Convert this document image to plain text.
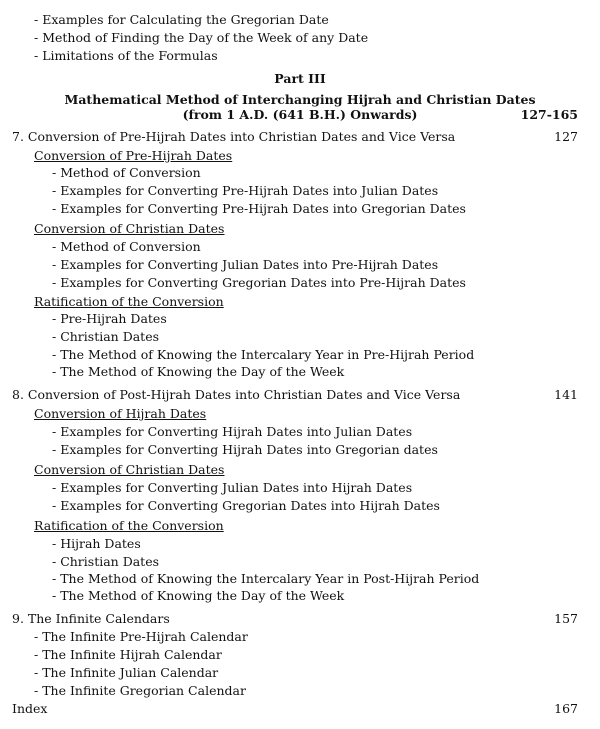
- Examples for Calculating the Gregorian Date
- Method of Finding the Day of the Week of any Date
- Limitations of the Formulas
Part III
Mathematical Method of Interchanging Hijrah and Christian Dates
(from 1 A.D. (641 B.H.) Onwards)	127-165
7. Conversion of Pre-Hijrah Dates into Christian Dates and Vice Versa	127
Conversion of Pre-Hijrah Dates
- Method of Conversion
- Examples for Converting Pre-Hijrah Dates into Julian Dates
- Examples for Converting Pre-Hijrah Dates into Gregorian Dates
Conversion of Christian Dates
- Method of Conversion
- Examples for Converting Julian Dates into Pre-Hijrah Dates
- Examples for Converting Gregorian Dates into Pre-Hijrah Dates
Ratification of the Conversion
- Pre-Hijrah Dates
- Christian Dates
- The Method of Knowing the Intercalary Year in Pre-Hijrah Period
- The Method of Knowing the Day of the Week
8. Conversion of Post-Hijrah Dates into Christian Dates and Vice Versa	141
Conversion of Hijrah Dates
- Examples for Converting Hijrah Dates into Julian Dates
- Examples for Converting Hijrah Dates into Gregorian dates
Conversion of Christian Dates
- Examples for Converting Julian Dates into Hijrah Dates
- Examples for Converting Gregorian Dates into Hijrah Dates
Ratification of the Conversion
- Hijrah Dates
- Christian Dates
- The Method of Knowing the Intercalary Year in Post-Hijrah Period
- The Method of Knowing the Day of the Week
9. The Infinite Calendars	157
- The Infinite Pre-Hijrah Calendar
- The Infinite Hijrah Calendar
- The Infinite Julian Calendar
- The Infinite Gregorian Calendar
Index	167
